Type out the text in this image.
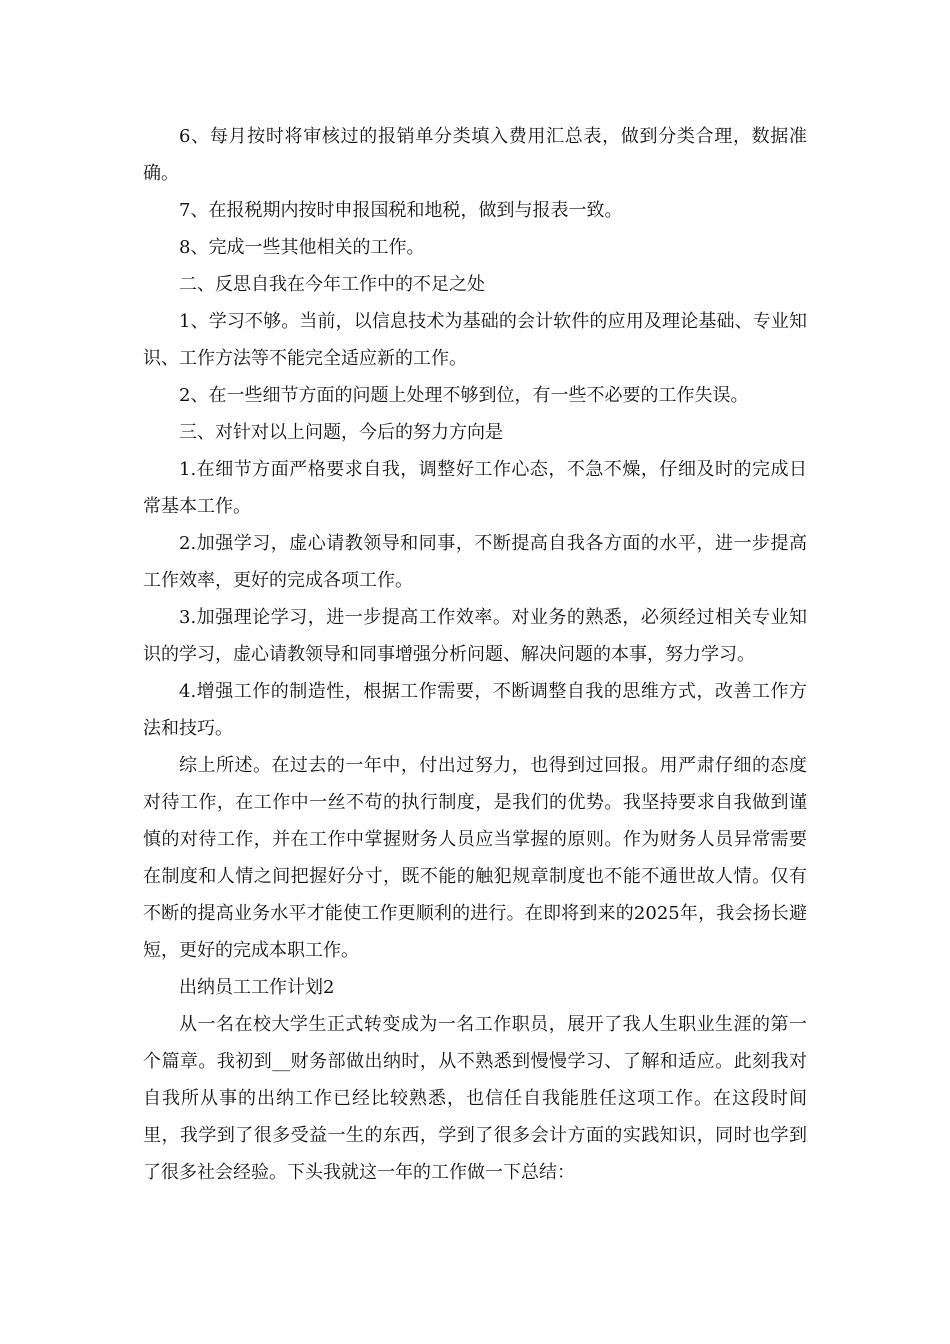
6、每月按时将审核过的报销单分类填入费用汇总表，做到分类合理，数据准确。

7、在报税期内按时申报国税和地税，做到与报表一致。

8、完成一些其他相关的工作。

二、反思自我在今年工作中的不足之处

1、学习不够。当前，以信息技术为基础的会计软件的应用及理论基础、专业知识、工作方法等不能完全适应新的工作。

2、在一些细节方面的问题上处理不够到位，有一些不必要的工作失误。

三、对针对以上问题，今后的努力方向是

1.在细节方面严格要求自我，调整好工作心态，不急不燥，仔细及时的完成日常基本工作。

2.加强学习，虚心请教领导和同事，不断提高自我各方面的水平，进一步提高工作效率，更好的完成各项工作。

3.加强理论学习，进一步提高工作效率。对业务的熟悉，必须经过相关专业知识的学习，虚心请教领导和同事增强分析问题、解决问题的本事，努力学习。

4.增强工作的制造性，根据工作需要，不断调整自我的思维方式，改善工作方法和技巧。

综上所述。在过去的一年中，付出过努力，也得到过回报。用严肃仔细的态度对待工作，在工作中一丝不苟的执行制度，是我们的优势。我坚持要求自我做到谨慎的对待工作，并在工作中掌握财务人员应当掌握的原则。作为财务人员异常需要在制度和人情之间把握好分寸，既不能的触犯规章制度也不能不通世故人情。仅有不断的提高业务水平才能使工作更顺利的进行。在即将到来的2025年，我会扬长避短，更好的完成本职工作。

出纳员工工作计划2

从一名在校大学生正式转变成为一名工作职员，展开了我人生职业生涯的第一个篇章。我初到__财务部做出纳时，从不熟悉到慢慢学习、了解和适应。此刻我对自我所从事的出纳工作已经比较熟悉，也信任自我能胜任这项工作。在这段时间里，我学到了很多受益一生的东西，学到了很多会计方面的实践知识，同时也学到了很多社会经验。下头我就这一年的工作做一下总结：
